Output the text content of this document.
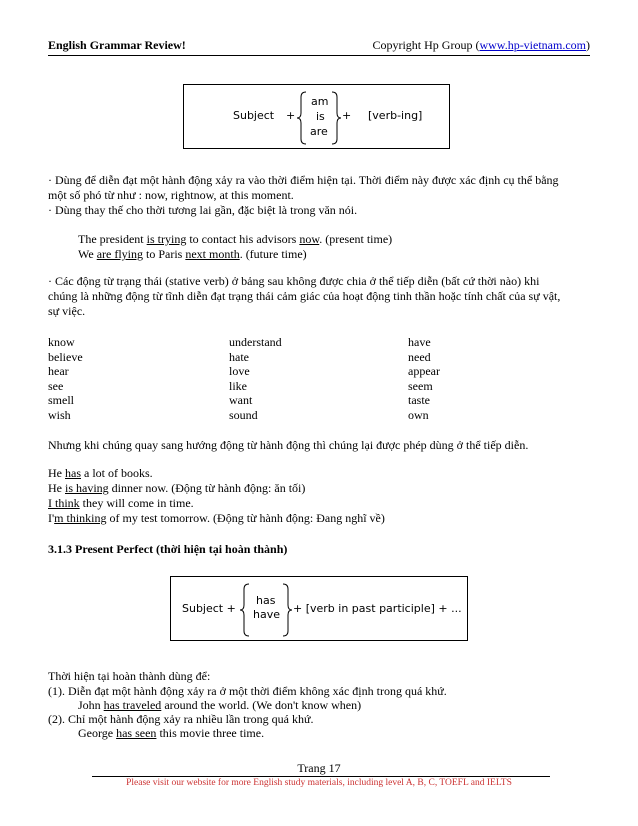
English Grammar Review!	Copyright Hp Group (www.hp-vietnam.com)
Subject +
am
is
are
+ [verb-ing]
· Dùng để diễn đạt một hành động xảy ra vào thời điểm hiện tại. Thời điểm này được xác định cụ thể bằng
một số phó từ như : now, rightnow, at this moment.
· Dùng thay thế cho thời tương lai gần, đặc biệt là trong văn nói.
The president is trying to contact his advisors now. (present time)
We are flying to Paris next month. (future time)
· Các động từ trạng thái (stative verb) ở bảng sau không được chia ở thể tiếp diễn (bất cứ thời nào) khi
chúng là những động từ tĩnh diễn đạt trạng thái cảm giác của hoạt động tinh thần hoặc tính chất của sự vật,
sự việc.
know
believe
hear
see
smell
wish
understand
hate
love
like
want
sound
have
need
appear
seem
taste
own
Nhưng khi chúng quay sang hướng động từ hành động thì chúng lại được phép dùng ở thể tiếp diễn.
He has a lot of books.
He is having dinner now. (Động từ hành động: ăn tối)
I think they will come in time.
I'm thinking of my test tomorrow. (Động từ hành động: Đang nghĩ về)
3.1.3 Present Perfect (thời hiện tại hoàn thành)
Subject +
has
have + [verb in past participle] + ...
Thời hiện tại hoàn thành dùng để:
(1). Diễn đạt một hành động xảy ra ở một thời điểm không xác định trong quá khứ.
John has traveled around the world. (We don't know when)
(2). Chỉ một hành động xảy ra nhiều lần trong quá khứ.
George has seen this movie three time.
Trang 17
Please visit our website for more English study materials, including level A, B, C, TOEFL and IELTS
